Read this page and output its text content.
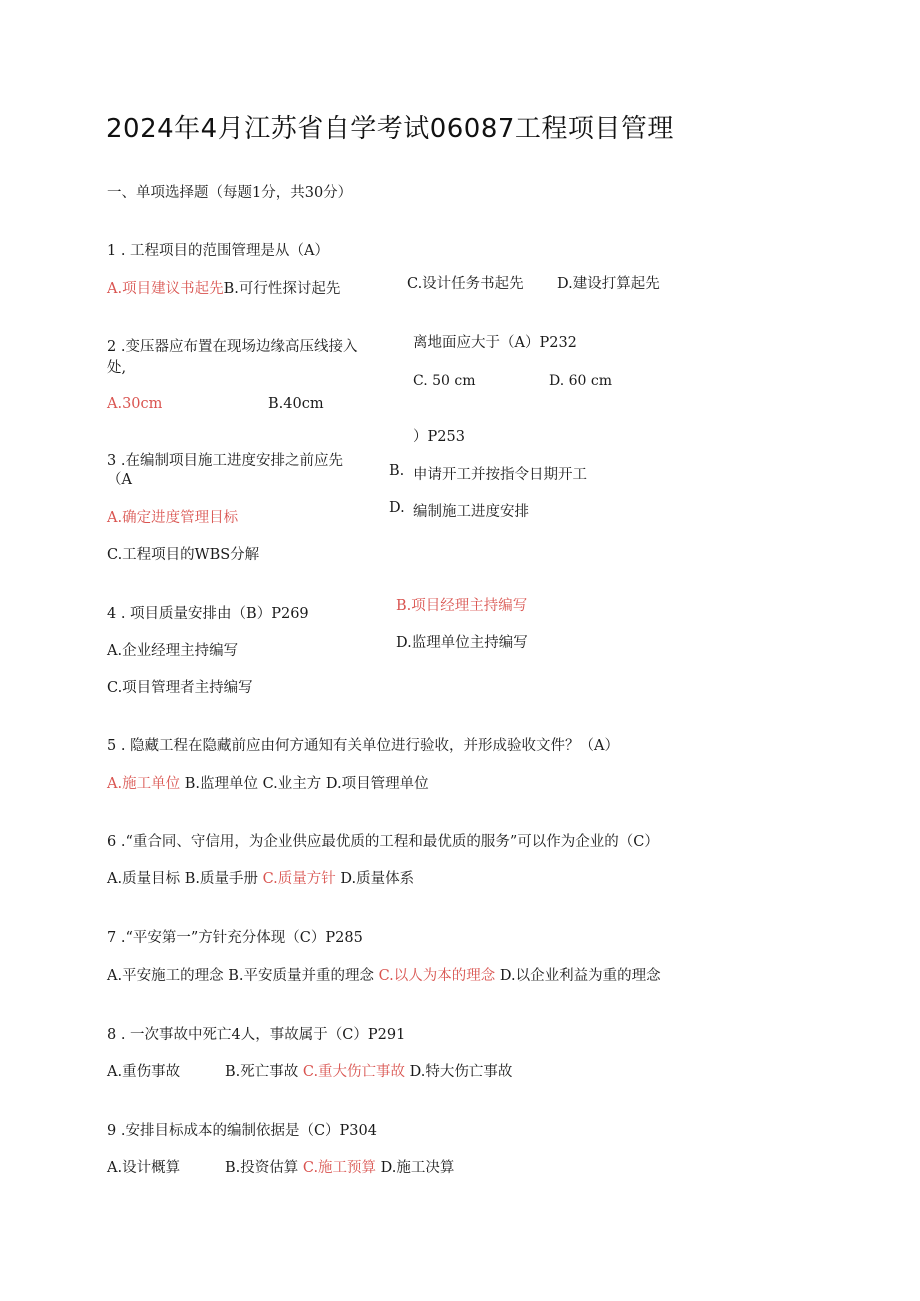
2024年4月江苏省自学考试06087工程项目管理
一、单项选择题（每题1分，共30分）
1 . 工程项目的范围管理是从（A）
A.项目建议书起先B.可行性探讨起先	C.设计任务书起先 D.建设打算起先
2 .变压器应布置在现场边缘高压线接入
处,
离地面应大于（A）P232
C. 50 cm	D. 60 cm
A.30cm	B.40cm
）P253
3 .在编制项目施工进度安排之前应先
（A
B. 申请开工并按指令日期开工
D. 编制施工进度安排
A.确定进度管理目标
C.工程项目的WBS分解
B.项目经理主持编写
4 . 项目质量安排由（B）P269
D.监理单位主持编写
A.企业经理主持编写
C.项目管理者主持编写
5 . 隐藏工程在隐藏前应由何方通知有关单位进行验收，并形成验收文件？（A）
A.施工单位 B.监理单位 C.业主方 D.项目管理单位
6 .“重合同、守信用，为企业供应最优质的工程和最优质的服务”可以作为企业的（C）
A.质量目标 B.质量手册 C.质量方针 D.质量体系
7 .“平安第一”方针充分体现（C）P285
A.平安施工的理念 B.平安质量并重的理念 C.以人为本的理念 D.以企业利益为重的理念
8 . 一次事故中死亡4人，事故属于（C）P291
A.重伤事故	B.死亡事故 C.重大伤亡事故 D.特大伤亡事故
9 .安排目标成本的编制依据是（C）P304
A.设计概算	B.投资估算 C.施工预算 D.施工决算
